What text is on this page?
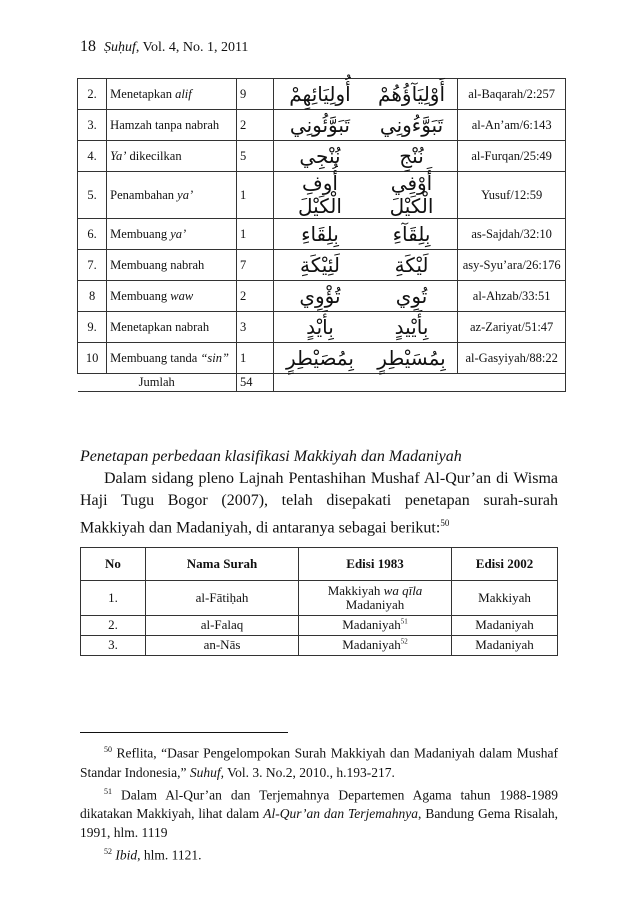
18 Ṣuḥuf, Vol. 4, No. 1, 2011
2.	Menetapkan alif	9	أُولِيَائِهِمْ	أَوْلِيَآؤُهُمْ	al-Baqarah/2:257
3.	Hamzah tanpa nabrah	2	تَبَوَّئُونِي	تَبَوَّءُونِي	al-An’am/6:143
4.	Ya’ dikecilkan	5	نُنْجِي	نُنْجِ	al-Furqan/25:49
5.	Penambahan ya’	1	أُوفِ الْكَيْلَ	أَوْفِي الْكَيْلَ	Yusuf/12:59
6.	Membuang ya’	1	بِلِقَاءِ	بِلِقَآءِ	as-Sajdah/32:10
7.	Membuang nabrah	7	لَئِيْكَةِ	لَيْكَةِ	asy-Syu’ara/26:176
8	Membuang waw	2	تُؤْوِي	تُوِي	al-Ahzab/33:51
9.	Menetapkan nabrah	3	بِأَيْدٍ	بِأَيْيدٍ	az-Zariyat/51:47
10	Membuang tanda “sin”	1	بِمُصَيْطِرٍ	بِمُسَيْطِرٍ	al-Gasyiyah/88:22
Jumlah		54			
Penetapan perbedaan klasifikasi Makkiyah dan Madaniyah
Dalam sidang pleno Lajnah Pentashihan Mushaf Al-Qur’an di Wisma Haji Tugu Bogor (2007), telah disepakati penetapan surah-surah Makkiyah dan Madaniyah, di antaranya sebagai berikut:$^{50}$
No	Nama Surah	Edisi 1983	Edisi 2002
1.	al-Fātiḥah	Makkiyah wa qīla Madaniyah	Makkiyah
2.	al-Falaq	Madaniyah$^{51}$	Madaniyah
3.	an-Nās	Madaniyah$^{52}$	Madaniyah

$^{50}$ Reflita, “Dasar Pengelompokan Surah Makkiyah dan Madaniyah dalam Mushaf Standar Indonesia,” Suhuf, Vol. 3. No.2, 2010., h.193-217.

$^{51}$ Dalam Al-Qur’an dan Terjemahnya Departemen Agama tahun 1988-1989 dikatakan Makkiyah, lihat dalam Al-Qur’an dan Terjemahnya, Bandung Gema Risalah, 1991, hlm. 1119

$^{52}$ Ibid, hlm. 1121.
